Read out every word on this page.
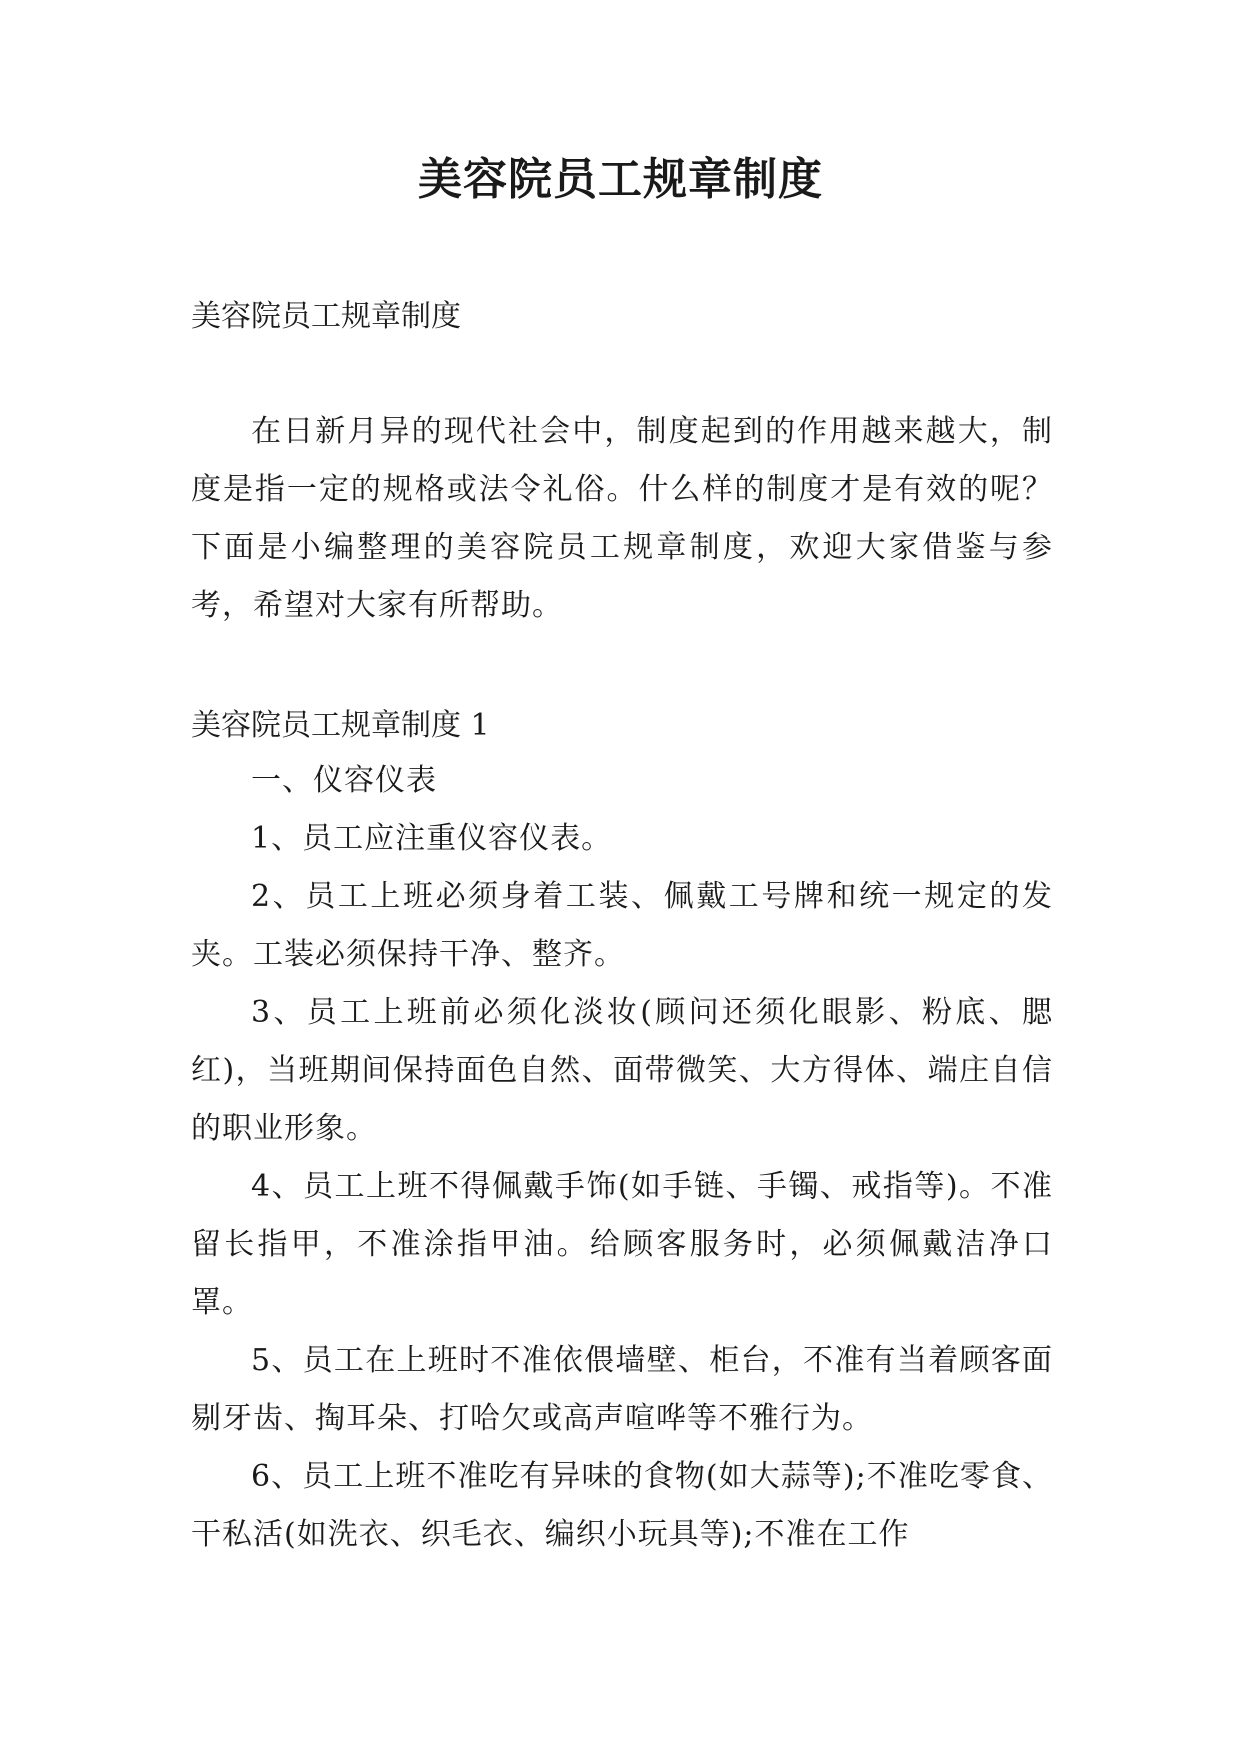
美容院员工规章制度
美容院员工规章制度

在日新月异的现代社会中，制度起到的作用越来越大，制度是指一定的规格或法令礼俗。什么样的制度才是有效的呢？下面是小编整理的美容院员工规章制度，欢迎大家借鉴与参考，希望对大家有所帮助。

美容院员工规章制度 1

一、仪容仪表

1、员工应注重仪容仪表。

2、员工上班必须身着工装、佩戴工号牌和统一规定的发夹。工装必须保持干净、整齐。

3、员工上班前必须化淡妆(顾问还须化眼影、粉底、腮红)，当班期间保持面色自然、面带微笑、大方得体、端庄自信的职业形象。

4、员工上班不得佩戴手饰(如手链、手镯、戒指等)。不准留长指甲，不准涂指甲油。给顾客服务时，必须佩戴洁净口罩。

5、员工在上班时不准依偎墙壁、柜台，不准有当着顾客面剔牙齿、掏耳朵、打哈欠或高声喧哗等不雅行为。

6、员工上班不准吃有异味的食物(如大蒜等);不准吃零食、干私活(如洗衣、织毛衣、编织小玩具等);不准在工作
